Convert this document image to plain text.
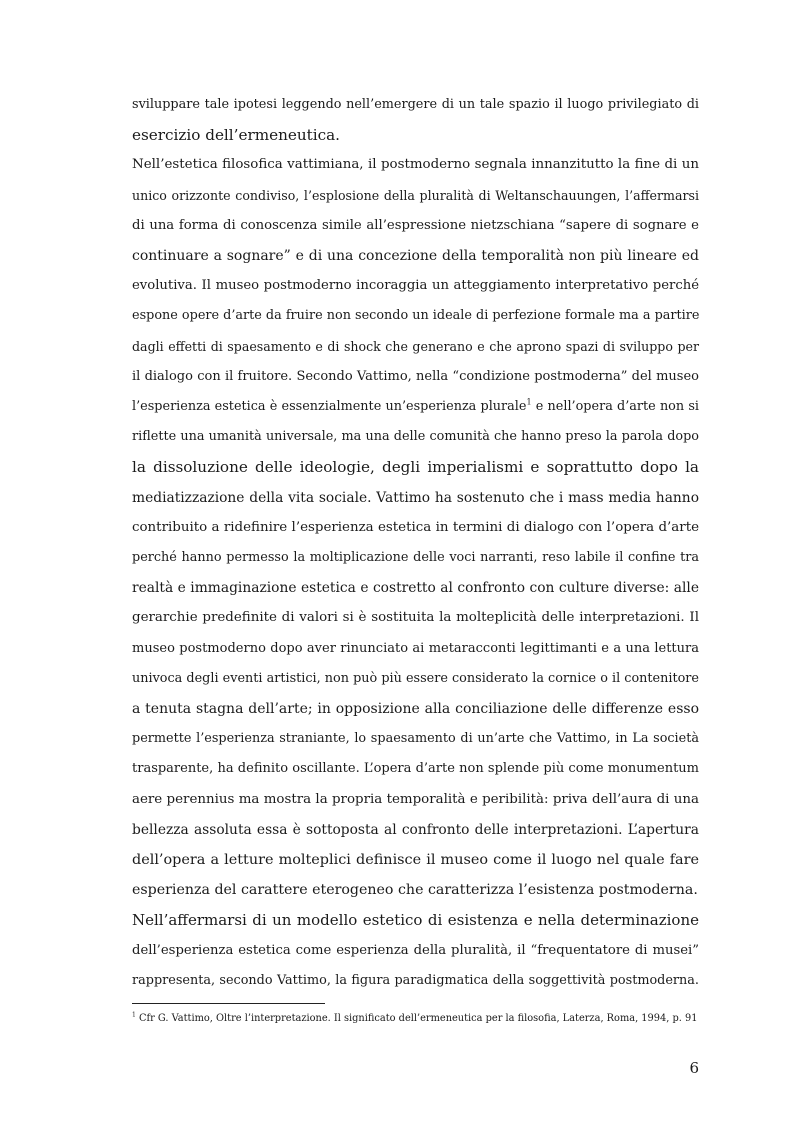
sviluppare tale ipotesi leggendo nell’emergere di un tale spazio il luogo privilegiato di
esercizio dell’ermeneutica.
Nell’estetica filosofica vattimiana, il postmoderno segnala innanzitutto la fine di un
unico orizzonte condiviso, l’esplosione della pluralità di Weltanschauungen, l’affermarsi
di una forma di conoscenza simile all’espressione nietzschiana “sapere di sognare e
continuare a sognare” e di una concezione della temporalità non più lineare ed
evolutiva. Il museo postmoderno incoraggia un atteggiamento interpretativo perché
espone opere d’arte da fruire non secondo un ideale di perfezione formale ma a partire
dagli effetti di spaesamento e di shock che generano e che aprono spazi di sviluppo per
il dialogo con il fruitore. Secondo Vattimo, nella “condizione postmoderna” del museo
l’esperienza estetica è essenzialmente un’esperienza plurale$^1$ e nell’opera d’arte non si
riflette una umanità universale, ma una delle comunità che hanno preso la parola dopo
la dissoluzione delle ideologie, degli imperialismi e soprattutto dopo la
mediatizzazione della vita sociale. Vattimo ha sostenuto che i mass media hanno
contribuito a ridefinire l’esperienza estetica in termini di dialogo con l’opera d’arte
perché hanno permesso la moltiplicazione delle voci narranti, reso labile il confine tra
realtà e immaginazione estetica e costretto al confronto con culture diverse: alle
gerarchie predefinite di valori si è sostituita la molteplicità delle interpretazioni. Il
museo postmoderno dopo aver rinunciato ai metaracconti legittimanti e a una lettura
univoca degli eventi artistici, non può più essere considerato la cornice o il contenitore
a tenuta stagna dell’arte; in opposizione alla conciliazione delle differenze esso
permette l’esperienza straniante, lo spaesamento di un’arte che Vattimo, in La società
trasparente, ha definito oscillante. L’opera d’arte non splende più come monumentum
aere perennius ma mostra la propria temporalità e peribilità: priva dell’aura di una
bellezza assoluta essa è sottoposta al confronto delle interpretazioni. L’apertura
dell’opera a letture molteplici definisce il museo come il luogo nel quale fare
esperienza del carattere eterogeneo che caratterizza l’esistenza postmoderna.
Nell’affermarsi di un modello estetico di esistenza e nella determinazione
dell’esperienza estetica come esperienza della pluralità, il “frequentatore di musei”
rappresenta, secondo Vattimo, la figura paradigmatica della soggettività postmoderna.
$^1$ Cfr G. Vattimo, Oltre l’interpretazione. Il significato dell’ermeneutica per la filosofia, Laterza, Roma, 1994, p. 91
6
